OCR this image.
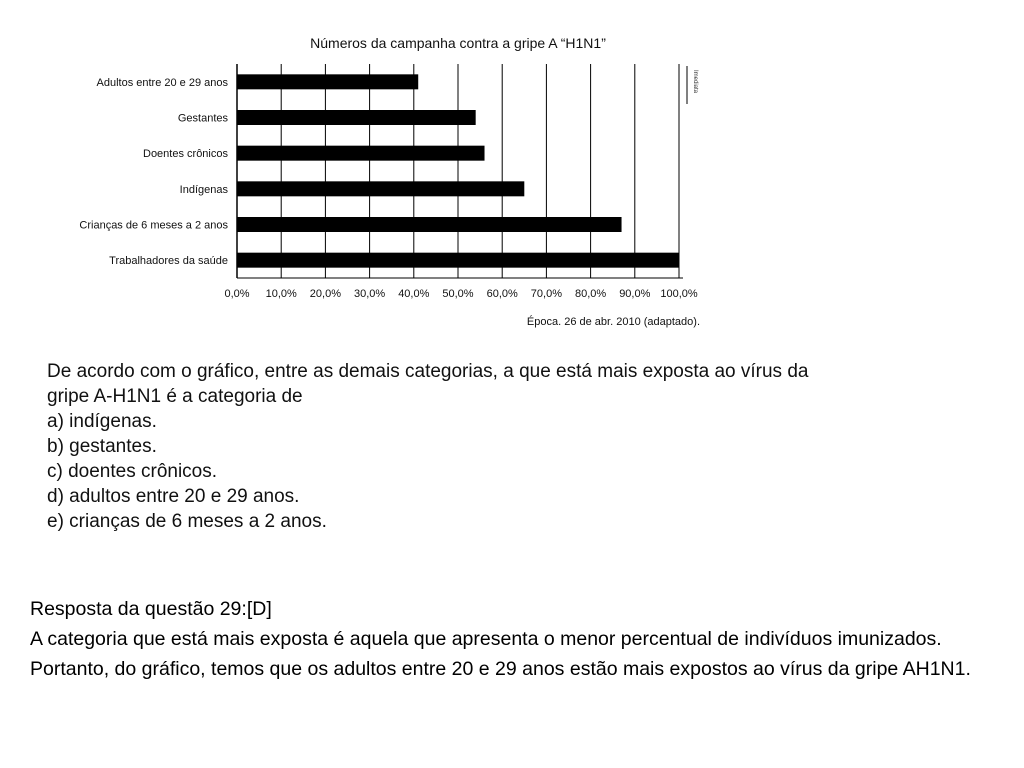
Números da campanha contra a gripe A “H1N1”
Adultos entre 20 e 29 anos
Gestantes
Doentes crônicos
Indígenas
Crianças de 6 meses a 2 anos
Trabalhadores da saúde
0,0% 10,0% 20,0% 30,0% 40,0% 50,0% 60,0% 70,0% 80,0% 90,0% 100,0%
Imediata
Época. 26 de abr. 2010 (adaptado).
De acordo com o gráfico, entre as demais categorias, a que está mais exposta ao vírus da
gripe A-H1N1 é a categoria de
a) indígenas.
b) gestantes.
c) doentes crônicos.
d) adultos entre 20 e 29 anos.
e) crianças de 6 meses a 2 anos.

Resposta da questão 29:[D]

A categoria que está mais exposta é aquela que apresenta o menor percentual de indivíduos imunizados. Portanto, do gráfico, temos que os adultos entre 20 e 29 anos estão mais expostos ao vírus da gripe AH1N1.
